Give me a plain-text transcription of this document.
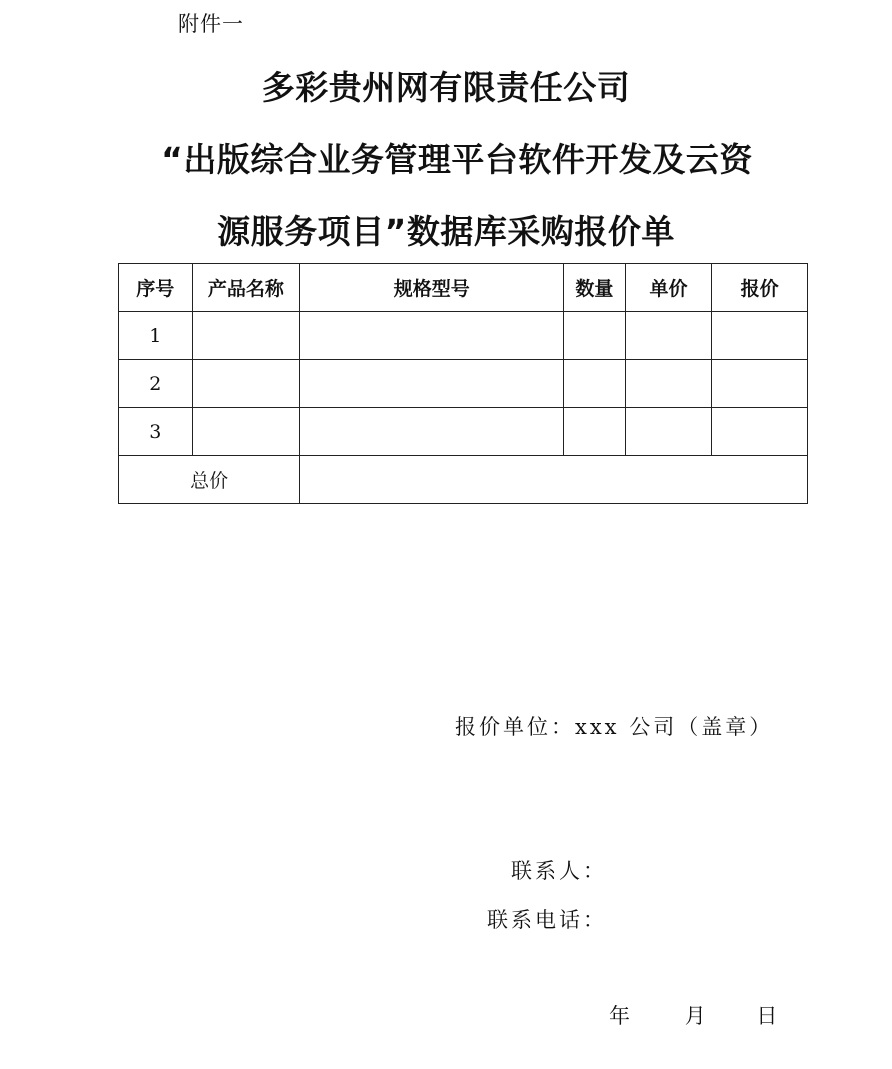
附件一
多彩贵州网有限责任公司
“出版综合业务管理平台软件开发及云资
源服务项目”数据库采购报价单
序号	产品名称	规格型号	数量	单价	报价
1					
2					
3					
总价					
报价单位：xxx 公司（盖章）
联系人：
联系电话：
年 月 日
